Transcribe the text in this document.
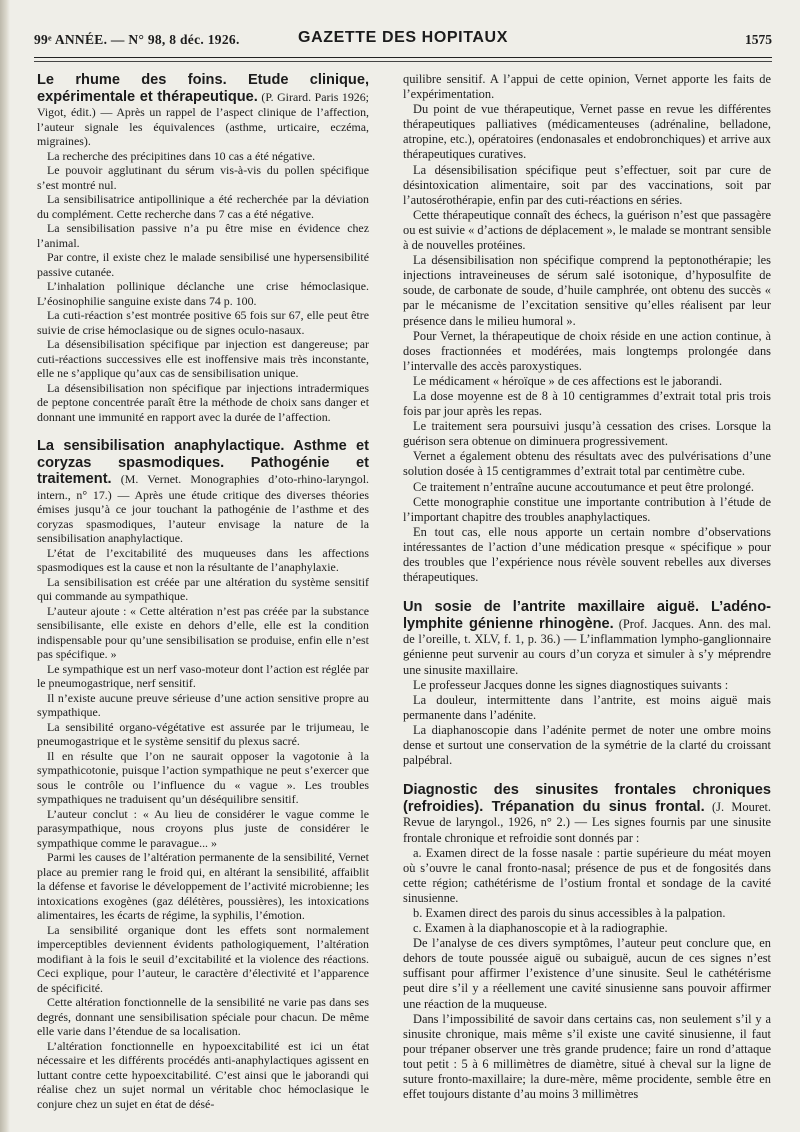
99ᵉ ANNÉE. — N° 98, 8 déc. 1926.	GAZETTE DES HOPITAUX	1575

Le rhume des foins. Etude clinique, expérimentale et thérapeutique. (P. Girard. Paris 1926; Vigot, édit.) — Après un rappel de l’aspect clinique de l’affection, l’auteur signale les équivalences (asthme, urticaire, eczéma, migraines).

La recherche des précipitines dans 10 cas a été négative.

Le pouvoir agglutinant du sérum vis-à-vis du pollen spécifique s’est montré nul.

La sensibilisatrice antipollinique a été recherchée par la déviation du complément. Cette recherche dans 7 cas a été négative.

La sensibilisation passive n’a pu être mise en évidence chez l’animal.

Par contre, il existe chez le malade sensibilisé une hypersensibilité passive cutanée.

L’inhalation pollinique déclanche une crise hémoclasique. L’éosinophilie sanguine existe dans 74 p. 100.

La cuti-réaction s’est montrée positive 65 fois sur 67, elle peut être suivie de crise hémoclasique ou de signes oculo-nasaux.

La désensibilisation spécifique par injection est dangereuse; par cuti-réactions successives elle est inoffensive mais très inconstante, elle ne s’applique qu’aux cas de sensibilisation unique.

La désensibilisation non spécifique par injections intradermiques de peptone concentrée paraît être la méthode de choix sans danger et donnant une immunité en rapport avec la durée de l’affection.

La sensibilisation anaphylactique. Asthme et coryzas spasmodiques. Pathogénie et traitement. (M. Vernet. Monographies d’oto-rhino-laryngol. intern., n° 17.) — Après une étude critique des diverses théories émises jusqu’à ce jour touchant la pathogénie de l’asthme et des coryzas spasmodiques, l’auteur envisage la nature de la sensibilisation anaphylactique.

L’état de l’excitabilité des muqueuses dans les affections spasmodiques est la cause et non la résultante de l’anaphylaxie.

La sensibilisation est créée par une altération du système sensitif qui commande au sympathique.

L’auteur ajoute : « Cette altération n’est pas créée par la substance sensibilisante, elle existe en dehors d’elle, elle est la condition indispensable pour qu’une sensibilisation se produise, enfin elle n’est pas spécifique. »

Le sympathique est un nerf vaso-moteur dont l’action est réglée par le pneumogastrique, nerf sensitif.

Il n’existe aucune preuve sérieuse d’une action sensitive propre au sympathique.

La sensibilité organo-végétative est assurée par le trijumeau, le pneumogastrique et le système sensitif du plexus sacré.

Il en résulte que l’on ne saurait opposer la vagotonie à la sympathicotonie, puisque l’action sympathique ne peut s’exercer que sous le contrôle ou l’influence du « vague ». Les troubles sympathiques ne traduisent qu’un déséquilibre sensitif.

L’auteur conclut : « Au lieu de considérer le vague comme le parasympathique, nous croyons plus juste de considérer le sympathique comme le paravague... »

Parmi les causes de l’altération permanente de la sensibilité, Vernet place au premier rang le froid qui, en altérant la sensibilité, affaiblit la défense et favorise le développement de l’activité microbienne; les intoxications exogènes (gaz délétères, poussières), les intoxications alimentaires, les écarts de régime, la syphilis, l’émotion.

La sensibilité organique dont les effets sont normalement imperceptibles deviennent évidents pathologiquement, l’altération modifiant à la fois le seuil d’excitabilité et la violence des réactions. Ceci explique, pour l’auteur, le caractère d’électivité et l’apparence de spécificité.

Cette altération fonctionnelle de la sensibilité ne varie pas dans ses degrés, donnant une sensibilisation spéciale pour chacun. De même elle varie dans l’étendue de sa localisation.

L’altération fonctionnelle en hypoexcitabilité est ici un état nécessaire et les différents procédés anti-anaphylactiques agissent en luttant contre cette hypoexcitabilité. C’est ainsi que le jaborandi qui réalise chez un sujet normal un véritable choc hémoclasique le conjure chez un sujet en état de désé-

quilibre sensitif. A l’appui de cette opinion, Vernet apporte les faits de l’expérimentation.

Du point de vue thérapeutique, Vernet passe en revue les différentes thérapeutiques palliatives (médicamenteuses (adrénaline, belladone, atropine, etc.), opératoires (endonasales et endobronchiques) et arrive aux thérapeutiques curatives.

La désensibilisation spécifique peut s’effectuer, soit par cure de désintoxication alimentaire, soit par des vaccinations, soit par l’autosérothérapie, enfin par des cuti-réactions en séries.

Cette thérapeutique connaît des échecs, la guérison n’est que passagère ou est suivie « d’actions de déplacement », le malade se montrant sensible à de nouvelles protéines.

La désensibilisation non spécifique comprend la peptonothérapie; les injections intraveineuses de sérum salé isotonique, d’hyposulfite de soude, de carbonate de soude, d’huile camphrée, ont obtenu des succès « par le mécanisme de l’excitation sensitive qu’elles réalisent par leur présence dans le milieu humoral ».

Pour Vernet, la thérapeutique de choix réside en une action continue, à doses fractionnées et modérées, mais longtemps prolongée dans l’intervalle des accès paroxystiques.

Le médicament « héroïque » de ces affections est le jaborandi.

La dose moyenne est de 8 à 10 centigrammes d’extrait total pris trois fois par jour après les repas.

Le traitement sera poursuivi jusqu’à cessation des crises. Lorsque la guérison sera obtenue on diminuera progressivement.

Vernet a également obtenu des résultats avec des pulvérisations d’une solution dosée à 15 centigrammes d’extrait total par centimètre cube.

Ce traitement n’entraîne aucune accoutumance et peut être prolongé.

Cette monographie constitue une importante contribution à l’étude de l’important chapitre des troubles anaphylactiques.

En tout cas, elle nous apporte un certain nombre d’observations intéressantes de l’action d’une médication presque « spécifique » pour des troubles que l’expérience nous révèle souvent rebelles aux diverses thérapeutiques.

Un sosie de l’antrite maxillaire aiguë. L’adéno-lymphite génienne rhinogène. (Prof. Jacques. Ann. des mal. de l’oreille, t. XLV, f. 1, p. 36.) — L’inflammation lympho-ganglionnaire génienne peut survenir au cours d’un coryza et simuler à s’y méprendre une sinusite maxillaire.

Le professeur Jacques donne les signes diagnostiques suivants :

La douleur, intermittente dans l’antrite, est moins aiguë mais permanente dans l’adénite.

La diaphanoscopie dans l’adénite permet de noter une ombre moins dense et surtout une conservation de la symétrie de la clarté du croissant palpébral.

Diagnostic des sinusites frontales chroniques (refroidies). Trépanation du sinus frontal. (J. Mouret. Revue de laryngol., 1926, n° 2.) — Les signes fournis par une sinusite frontale chronique et refroidie sont donnés par :

a. Examen direct de la fosse nasale : partie supérieure du méat moyen où s’ouvre le canal fronto-nasal; présence de pus et de fongosités dans cette région; cathétérisme de l’ostium frontal et sondage de la cavité sinusienne.

b. Examen direct des parois du sinus accessibles à la palpation.

c. Examen à la diaphanoscopie et à la radiographie.

De l’analyse de ces divers symptômes, l’auteur peut conclure que, en dehors de toute poussée aiguë ou subaiguë, aucun de ces signes n’est suffisant pour affirmer l’existence d’une sinusite. Seul le cathétérisme peut dire s’il y a réellement une cavité sinusienne sans pouvoir affirmer une réaction de la muqueuse.

Dans l’impossibilité de savoir dans certains cas, non seulement s’il y a sinusite chronique, mais même s’il existe une cavité sinusienne, il faut pour trépaner observer une très grande prudence; faire un rond d’attaque tout petit : 5 à 6 millimètres de diamètre, situé à cheval sur la ligne de suture fronto-maxillaire; la dure-mère, même procidente, semble être en effet toujours distante d’au moins 3 millimètres
